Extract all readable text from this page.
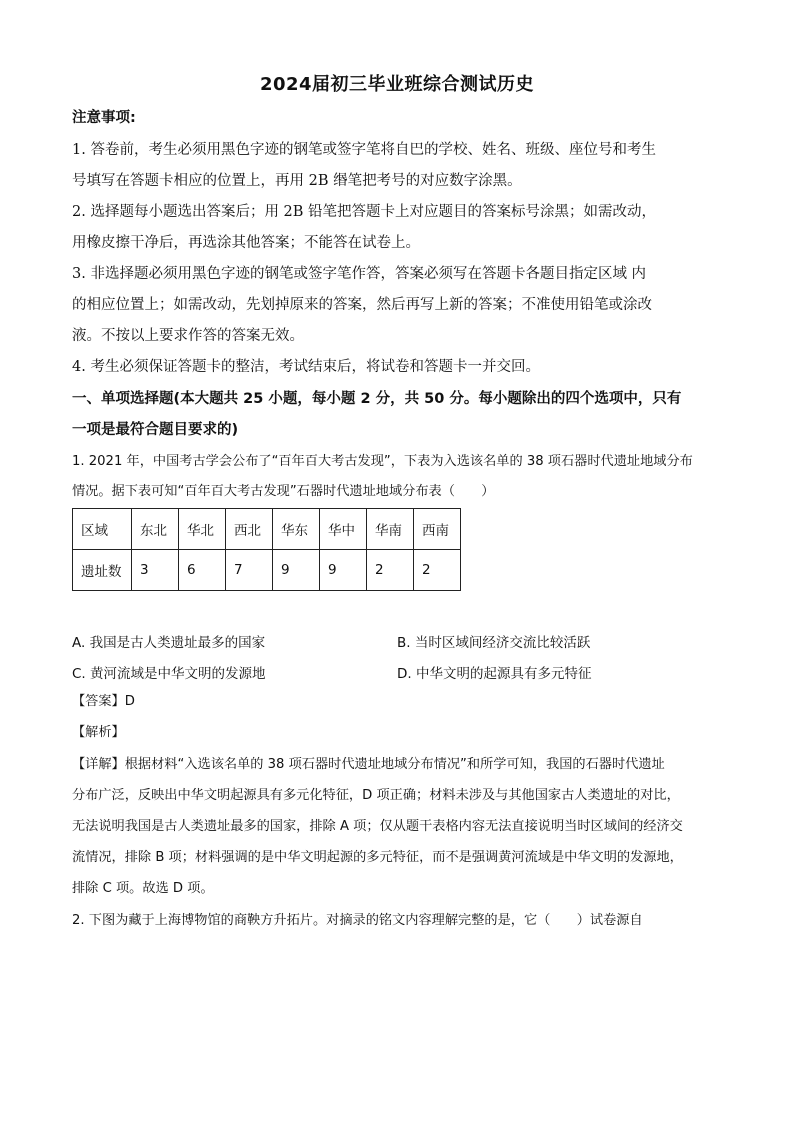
2024届初三毕业班综合测试历史
注意事项:
1. 答卷前，考生必须用黑色字迹的钢笔或签字笔将自巴的学校、姓名、班级、座位号和考生
号填写在答题卡相应的位置上，再用 2B 缗笔把考号的对应数字涂黑。
2. 选择题每小题选出答案后；用 2B 铅笔把答题卡上对应题目的答案标号涂黑；如需改动，
用橡皮擦干净后，再选涂其他答案；不能答在试卷上。
3. 非选择题必须用黑色字迹的钢笔或签字笔作答，答案必须写在答题卡各题目指定区域 内
的相应位置上；如需改动，先划掉原来的答案，然后再写上新的答案；不准使用铅笔或涂改
液。不按以上要求作答的答案无效。
4. 考生必须保证答题卡的整洁，考试结束后，将试卷和答题卡一并交回。
一、单项选择题(本大题共 25 小题，每小题 2 分，共 50 分。每小题除出的四个选项中，只有
一项是最符合题目要求的)
1. 2021 年，中国考古学会公布了“百年百大考古发现”，下表为入选该名单的 38 项石器时代遗址地域分布
情况。据下表可知“百年百大考古发现”石器时代遗址地域分布表（　　）
区域	东北	华北	西北	华东	华中	华南	西南
遗址数	3	6	7	9	9	2	2
A. 我国是古人类遗址最多的国家	B. 当时区域间经济交流比较活跃
C. 黄河流域是中华文明的发源地	D. 中华文明的起源具有多元特征
【答案】D
【解析】
【详解】根据材料“入选该名单的 38 项石器时代遗址地域分布情况”和所学可知，我国的石器时代遗址
分布广泛，反映出中华文明起源具有多元化特征，D 项正确；材料未涉及与其他国家古人类遗址的对比，
无法说明我国是古人类遗址最多的国家，排除 A 项；仅从题干表格内容无法直接说明当时区域间的经济交
流情况，排除 B 项；材料强调的是中华文明起源的多元特征，而不是强调黄河流域是中华文明的发源地，
排除 C 项。故选 D 项。
2. 下图为藏于上海博物馆的商鞅方升拓片。对摘录的铭文内容理解完整的是，它（　　）试卷源自
